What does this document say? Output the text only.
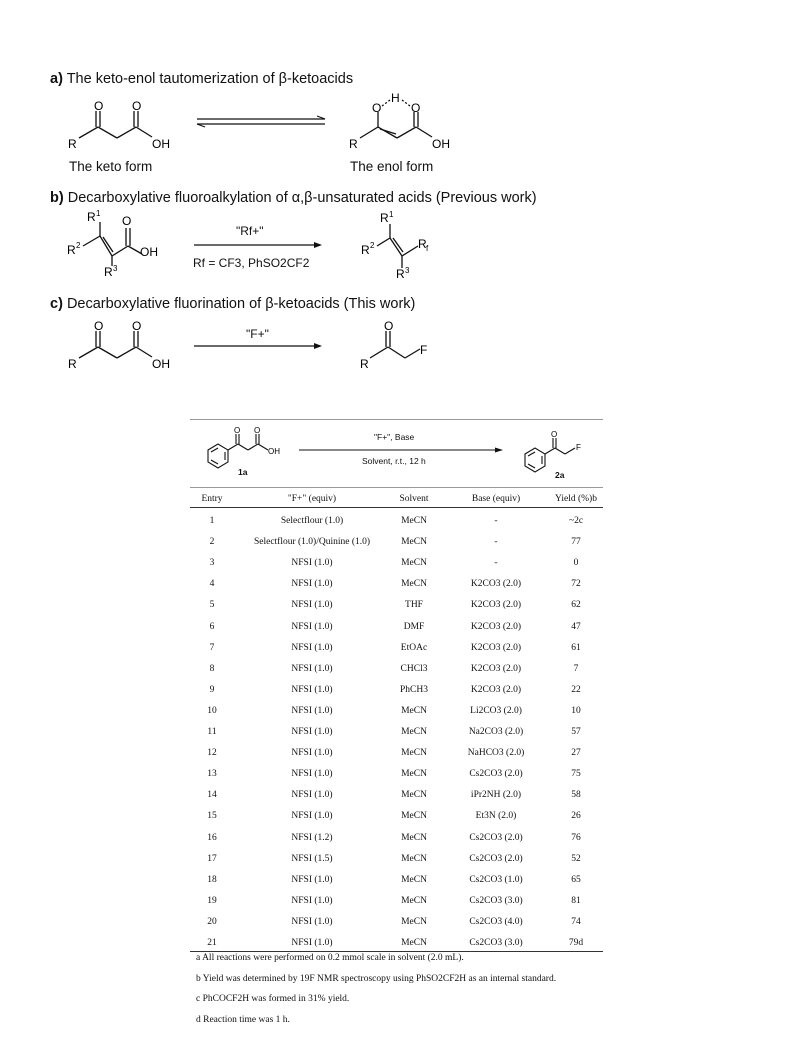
a) The keto-enol tautomerization of β-ketoacids
O O
R	OH
O
H
O
R	OH
The keto form	The enol form
b) Decarboxylative fluoroalkylation of α,β-unsaturated acids (Previous work)
R 1
O
R 2	OH
R 3
"Rf+"
Rf = CF3, PhSO2CF2
R 1
R 2	R f
R 3
c) Decarboxylative fluorination of β-ketoacids (This work)
O O
R	OH
"F+"
O
R
F
O O
OH
1a
"F+", Base
Solvent, r.t., 12 h
O
F
2a
Entry	"F+" (equiv)	Solvent	Base (equiv)	Yield (%)b
1	Selectflour (1.0)	MeCN	-	~2c
2	Selectflour (1.0)/Quinine (1.0)	MeCN	-	77
3	NFSI (1.0)	MeCN	-	0
4	NFSI (1.0)	MeCN	K2CO3 (2.0)	72
5	NFSI (1.0)	THF	K2CO3 (2.0)	62
6	NFSI (1.0)	DMF	K2CO3 (2.0)	47
7	NFSI (1.0)	EtOAc	K2CO3 (2.0)	61
8	NFSI (1.0)	CHCl3	K2CO3 (2.0)	7
9	NFSI (1.0)	PhCH3	K2CO3 (2.0)	22
10	NFSI (1.0)	MeCN	Li2CO3 (2.0)	10
11	NFSI (1.0)	MeCN	Na2CO3 (2.0)	57
12	NFSI (1.0)	MeCN	NaHCO3 (2.0)	27
13	NFSI (1.0)	MeCN	Cs2CO3 (2.0)	75
14	NFSI (1.0)	MeCN	iPr2NH (2.0)	58
15	NFSI (1.0)	MeCN	Et3N (2.0)	26
16	NFSI (1.2)	MeCN	Cs2CO3 (2.0)	76
17	NFSI (1.5)	MeCN	Cs2CO3 (2.0)	52
18	NFSI (1.0)	MeCN	Cs2CO3 (1.0)	65
19	NFSI (1.0)	MeCN	Cs2CO3 (3.0)	81
20	NFSI (1.0)	MeCN	Cs2CO3 (4.0)	74
21	NFSI (1.0)	MeCN	Cs2CO3 (3.0)	79d
a All reactions were performed on 0.2 mmol scale in solvent (2.0 mL).
b Yield was determined by 19F NMR spectroscopy using PhSO2CF2H as an internal standard.
c PhCOCF2H was formed in 31% yield.
d Reaction time was 1 h.
